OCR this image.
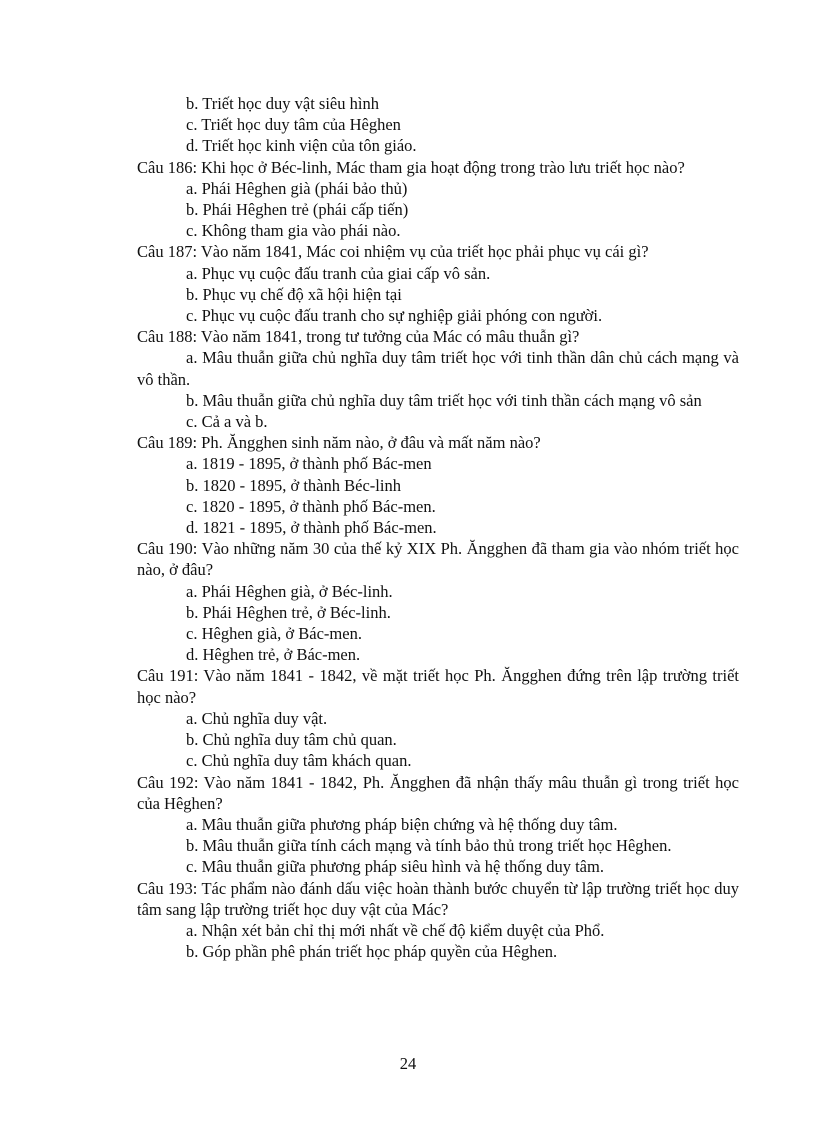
b. Triết học duy vật siêu hình
c. Triết học duy tâm của Hêghen
d. Triết học kinh viện của tôn giáo.
Câu 186: Khi học ở Béc-linh, Mác tham gia hoạt động trong trào lưu triết học nào?
a. Phái Hêghen già (phái bảo thủ)
b. Phái Hêghen trẻ (phái cấp tiến)
c. Không tham gia vào phái nào.
Câu 187: Vào năm 1841, Mác coi nhiệm vụ của triết học phải phục vụ cái gì?
a. Phục vụ cuộc đấu tranh của giai cấp vô sản.
b. Phục vụ chế độ xã hội hiện tại
c. Phục vụ cuộc đấu tranh cho sự nghiệp giải phóng con người.
Câu 188: Vào năm 1841, trong tư tưởng của Mác có mâu thuẫn gì?
a. Mâu thuẫn giữa chủ nghĩa duy tâm triết học với tinh thần dân chủ cách mạng và vô thần.
b. Mâu thuẫn giữa chủ nghĩa duy tâm triết học với tinh thần cách mạng vô sản
c. Cả a và b.
Câu 189: Ph. Ăngghen sinh năm nào, ở đâu và mất năm nào?
a. 1819 - 1895, ở thành phố Bác-men
b. 1820 - 1895, ở thành Béc-linh
c. 1820 - 1895, ở thành phố Bác-men.
d. 1821 - 1895, ở thành phố Bác-men.
Câu 190: Vào những năm 30 của thế kỷ XIX Ph. Ăngghen đã tham gia vào nhóm triết học nào, ở đâu?
a. Phái Hêghen già, ở Béc-linh.
b. Phái Hêghen trẻ, ở Béc-linh.
c. Hêghen già, ở Bác-men.
d. Hêghen trẻ, ở Bác-men.
Câu 191: Vào năm 1841 - 1842, về mặt triết học Ph. Ăngghen đứng trên lập trường triết học nào?
a. Chủ nghĩa duy vật.
b. Chủ nghĩa duy tâm chủ quan.
c. Chủ nghĩa duy tâm khách quan.
Câu 192: Vào năm 1841 - 1842, Ph. Ăngghen đã nhận thấy mâu thuẫn gì trong triết học của Hêghen?
a. Mâu thuẫn giữa phương pháp biện chứng và hệ thống duy tâm.
b. Mâu thuẫn giữa tính cách mạng và tính bảo thủ trong triết học Hêghen.
c. Mâu thuẫn giữa phương pháp siêu hình và hệ thống duy tâm.
Câu 193: Tác phẩm nào đánh dấu việc hoàn thành bước chuyển từ lập trường triết học duy tâm sang lập trường triết học duy vật của Mác?
a. Nhận xét bản chỉ thị mới nhất về chế độ kiểm duyệt của Phổ.
b. Góp phần phê phán triết học pháp quyền của Hêghen.
24
